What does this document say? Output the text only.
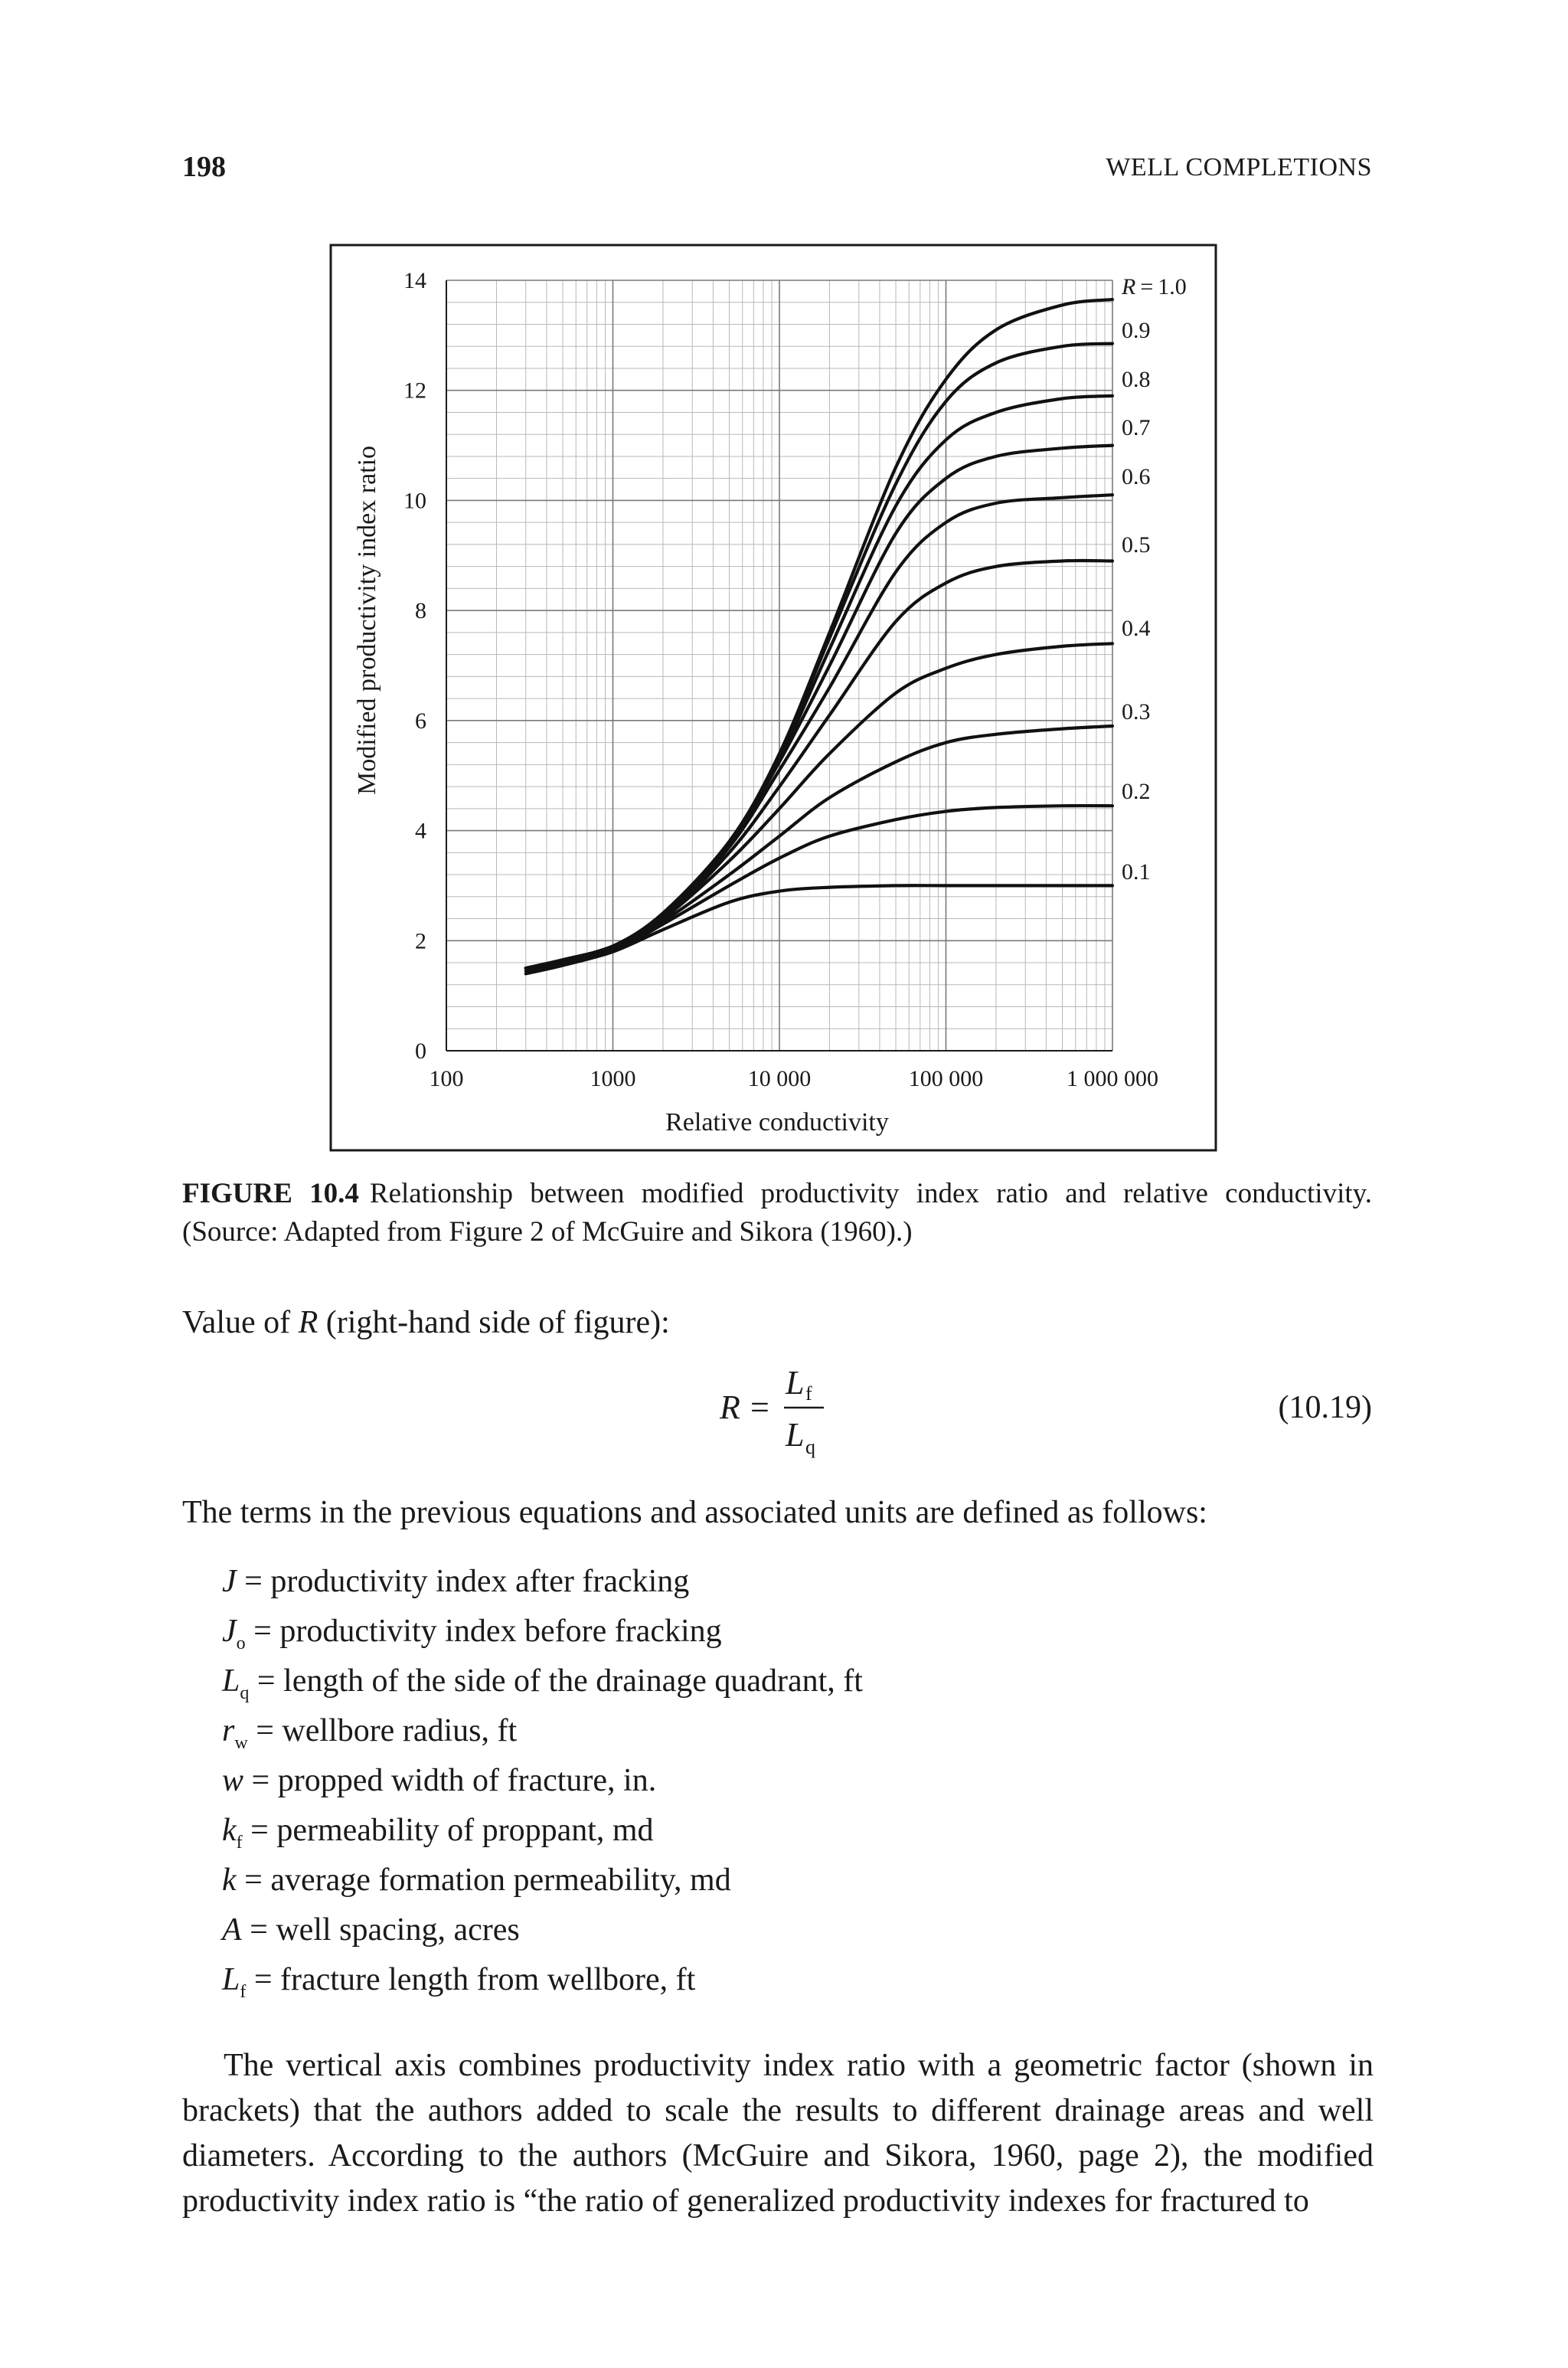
198	WELL COMPLETIONS
0
2
4
6
8
10
12
14
100	1000	10 000	100 000	1 000 000
R = 1.0
0.9
0.8
0.7
0.6
0.5
0.4
0.3
0.2
0.1
Modified productivity index ratio
Relative conductivity
FIGURE 10.4 Relationship between modified productivity index ratio and relative conductivity. (Source: Adapted from Figure 2 of McGuire and Sikora (1960).)
Value of R (right-hand side of figure):
R =
L f
L q
(10.19)
The terms in the previous equations and associated units are defined as follows:
J = productivity index after fracking
$J_o$ = productivity index before fracking
$L_q$ = length of the side of the drainage quadrant, ft
$r_w$ = wellbore radius, ft
w = propped width of fracture, in.
$k_f$ = permeability of proppant, md
k = average formation permeability, md
A = well spacing, acres
$L_f$ = fracture length from wellbore, ft
The vertical axis combines productivity index ratio with a geometric factor (shown in brackets) that the authors added to scale the results to different drainage areas and well diameters. According to the authors (McGuire and Sikora, 1960, page 2), the modified productivity index ratio is “the ratio of generalized productivity indexes for fractured to
